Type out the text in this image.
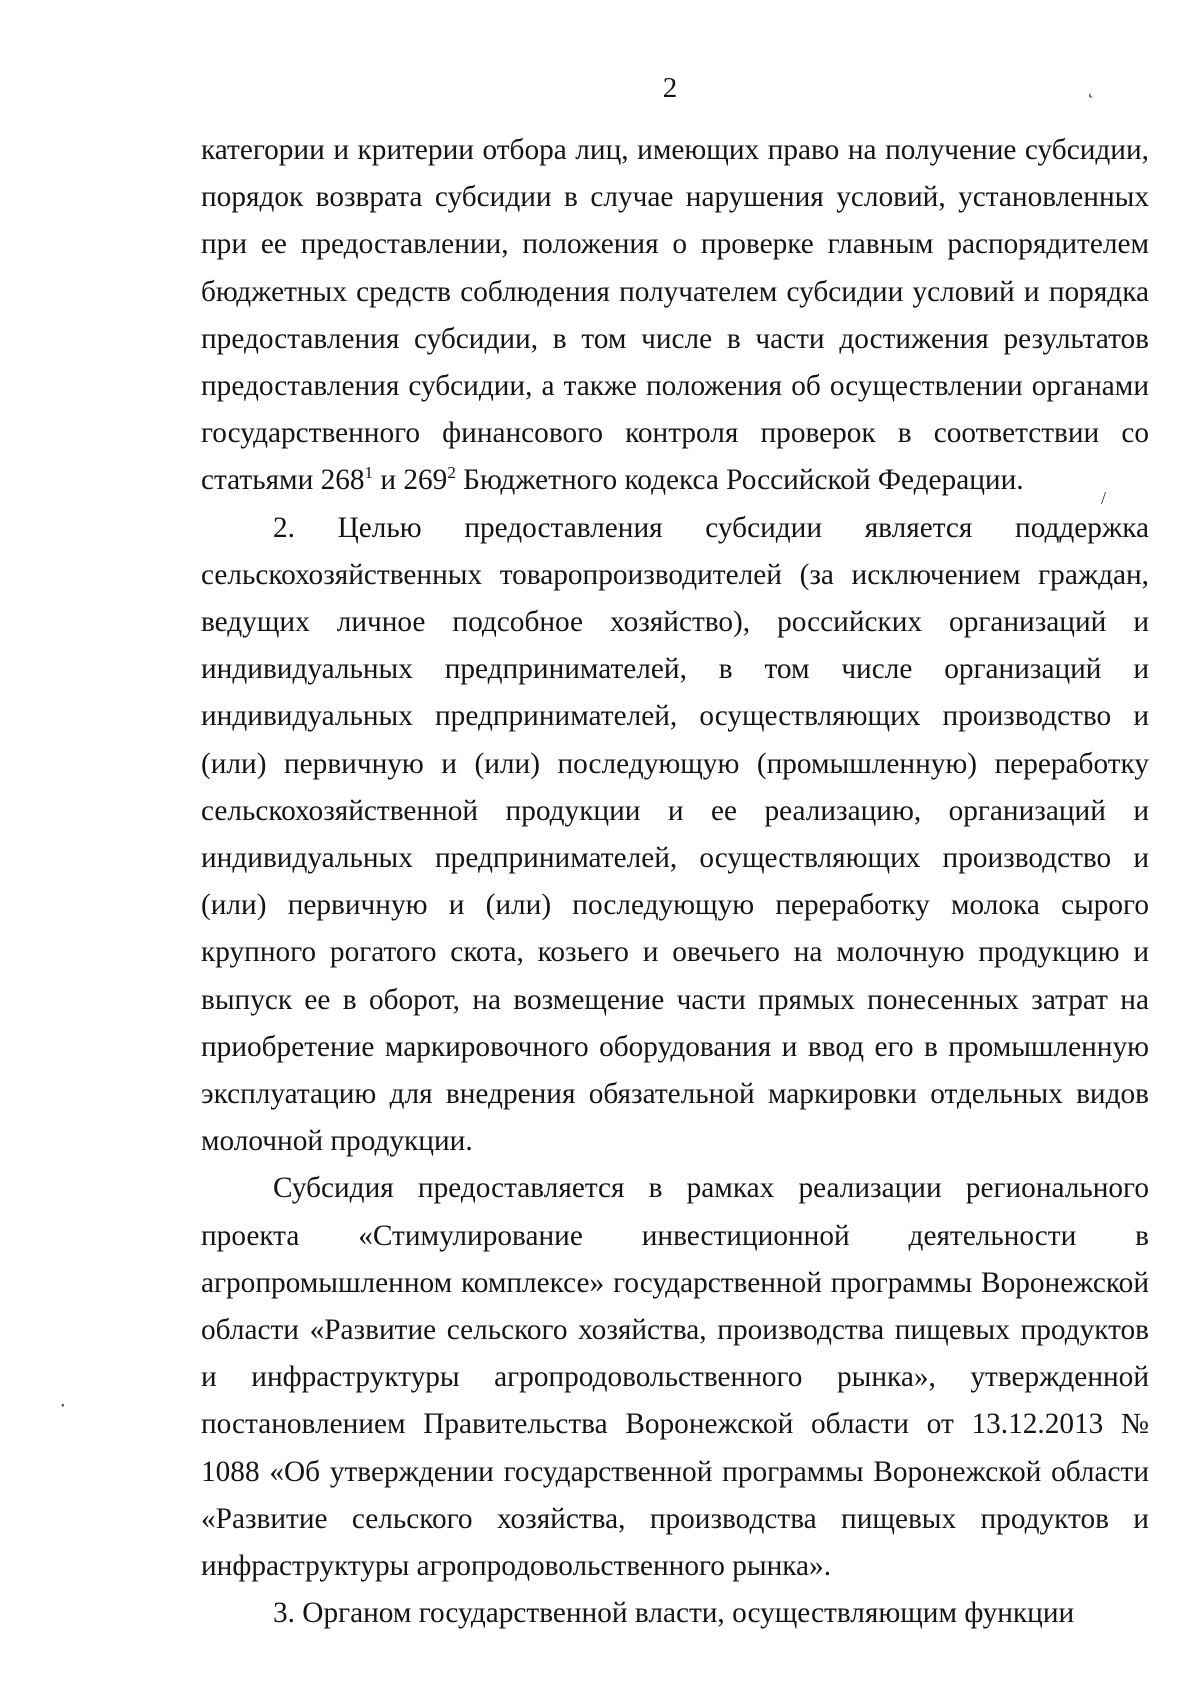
2	˛
/
•

категории и критерии отбора лиц, имеющих право на получение субсидии, порядок возврата субсидии в случае нарушения условий, установленных при ее предоставлении, положения о проверке главным распорядителем бюджетных средств соблюдения получателем субсидии условий и порядка предоставления субсидии, в том числе в части достижения результатов предоставления субсидии, а также положения об осуществлении органами государственного финансового контроля проверок в соответствии со статьями $268^1$ и $269^2$ Бюджетного кодекса Российской Федерации.

2. Целью предоставления субсидии является поддержка сельскохозяйственных товаропроизводителей (за исключением граждан, ведущих личное подсобное хозяйство), российских организаций и индивидуальных предпринимателей, в том числе организаций и индивидуальных предпринимателей, осуществляющих производство и (или) первичную и (или) последующую (промышленную) переработку сельскохозяйственной продукции и ее реализацию, организаций и индивидуальных предпринимателей, осуществляющих производство и (или) первичную и (или) последующую переработку молока сырого крупного рогатого скота, козьего и овечьего на молочную продукцию и выпуск ее в оборот, на возмещение части прямых понесенных затрат на приобретение маркировочного оборудования и ввод его в промышленную эксплуатацию для внедрения обязательной маркировки отдельных видов молочной продукции.

Субсидия предоставляется в рамках реализации регионального проекта «Стимулирование инвестиционной деятельности в агропромышленном комплексе» государственной программы Воронежской области «Развитие сельского хозяйства, производства пищевых продуктов и инфраструктуры агропродовольственного рынка», утвержденной постановлением Правительства Воронежской области от 13.12.2013 № 1088 «Об утверждении государственной программы Воронежской области «Развитие сельского хозяйства, производства пищевых продуктов и инфраструктуры агропродовольственного рынка».

3. Органом государственной власти, осуществляющим функции
